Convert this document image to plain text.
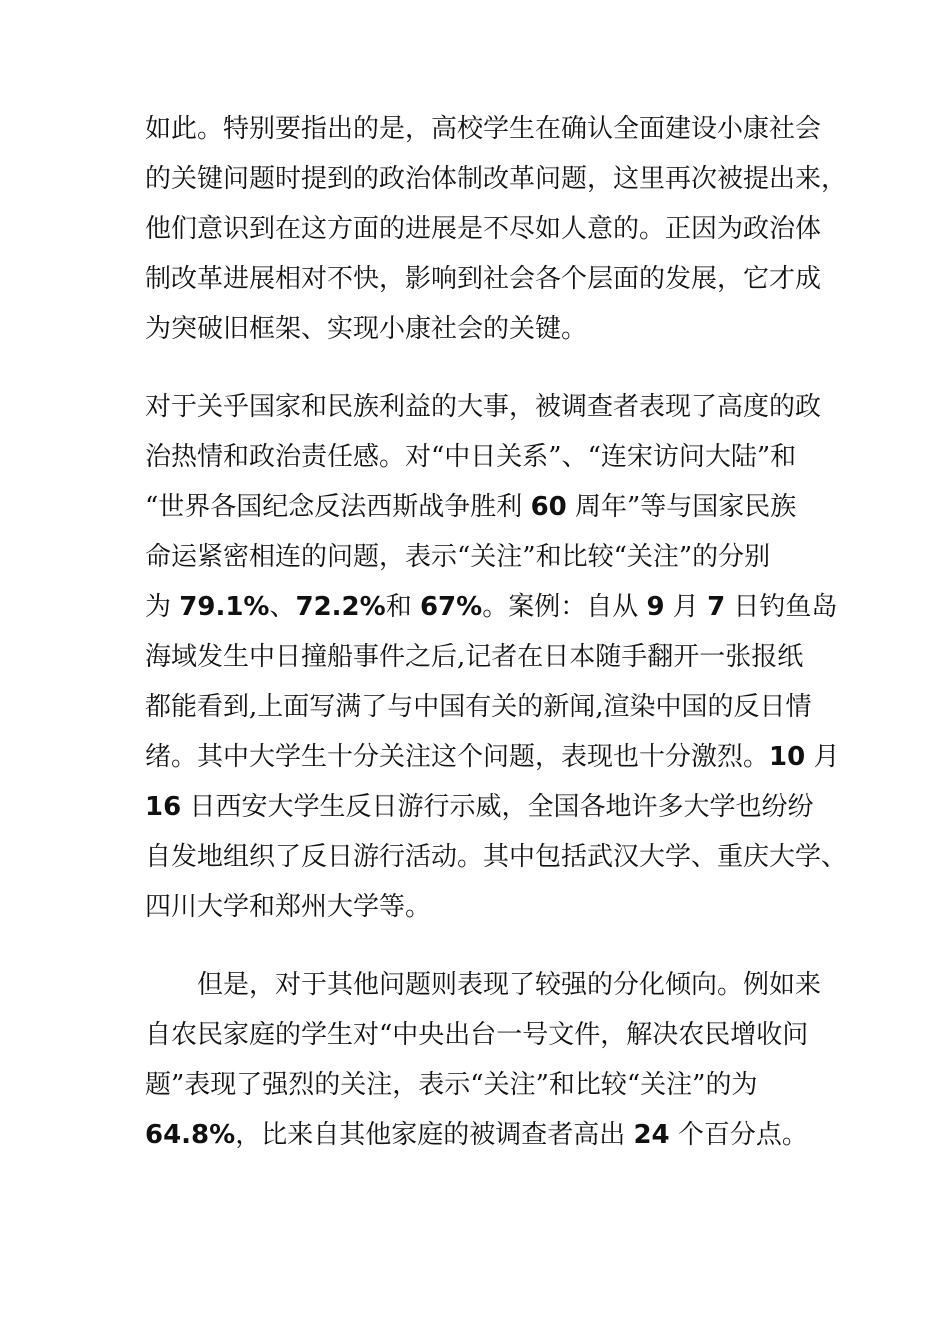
如此。特别要指出的是，高校学生在确认全面建设小康社会
的关键问题时提到的政治体制改革问题，这里再次被提出来，
他们意识到在这方面的进展是不尽如人意的。正因为政治体
制改革进展相对不快，影响到社会各个层面的发展，它才成
为突破旧框架、实现小康社会的关键。
对于关乎国家和民族利益的大事，被调查者表现了高度的政
治热情和政治责任感。对“中日关系”、“连宋访问大陆”和
“世界各国纪念反法西斯战争胜利 60 周年”等与国家民族
命运紧密相连的问题，表示“关注”和比较“关注”的分别
为 79.1%、72.2%和 67%。案例：自从 9 月 7 日钓鱼岛
海域发生中日撞船事件之后,记者在日本随手翻开一张报纸
都能看到,上面写满了与中国有关的新闻,渲染中国的反日情
绪。其中大学生十分关注这个问题，表现也十分激烈。10 月
16 日西安大学生反日游行示威，全国各地许多大学也纷纷
自发地组织了反日游行活动。其中包括武汉大学、重庆大学、
四川大学和郑州大学等。
但是，对于其他问题则表现了较强的分化倾向。例如来
自农民家庭的学生对“中央出台一号文件，解决农民增收问
题”表现了强烈的关注，表示“关注”和比较“关注”的为
64.8%，比来自其他家庭的被调查者高出 24 个百分点。
